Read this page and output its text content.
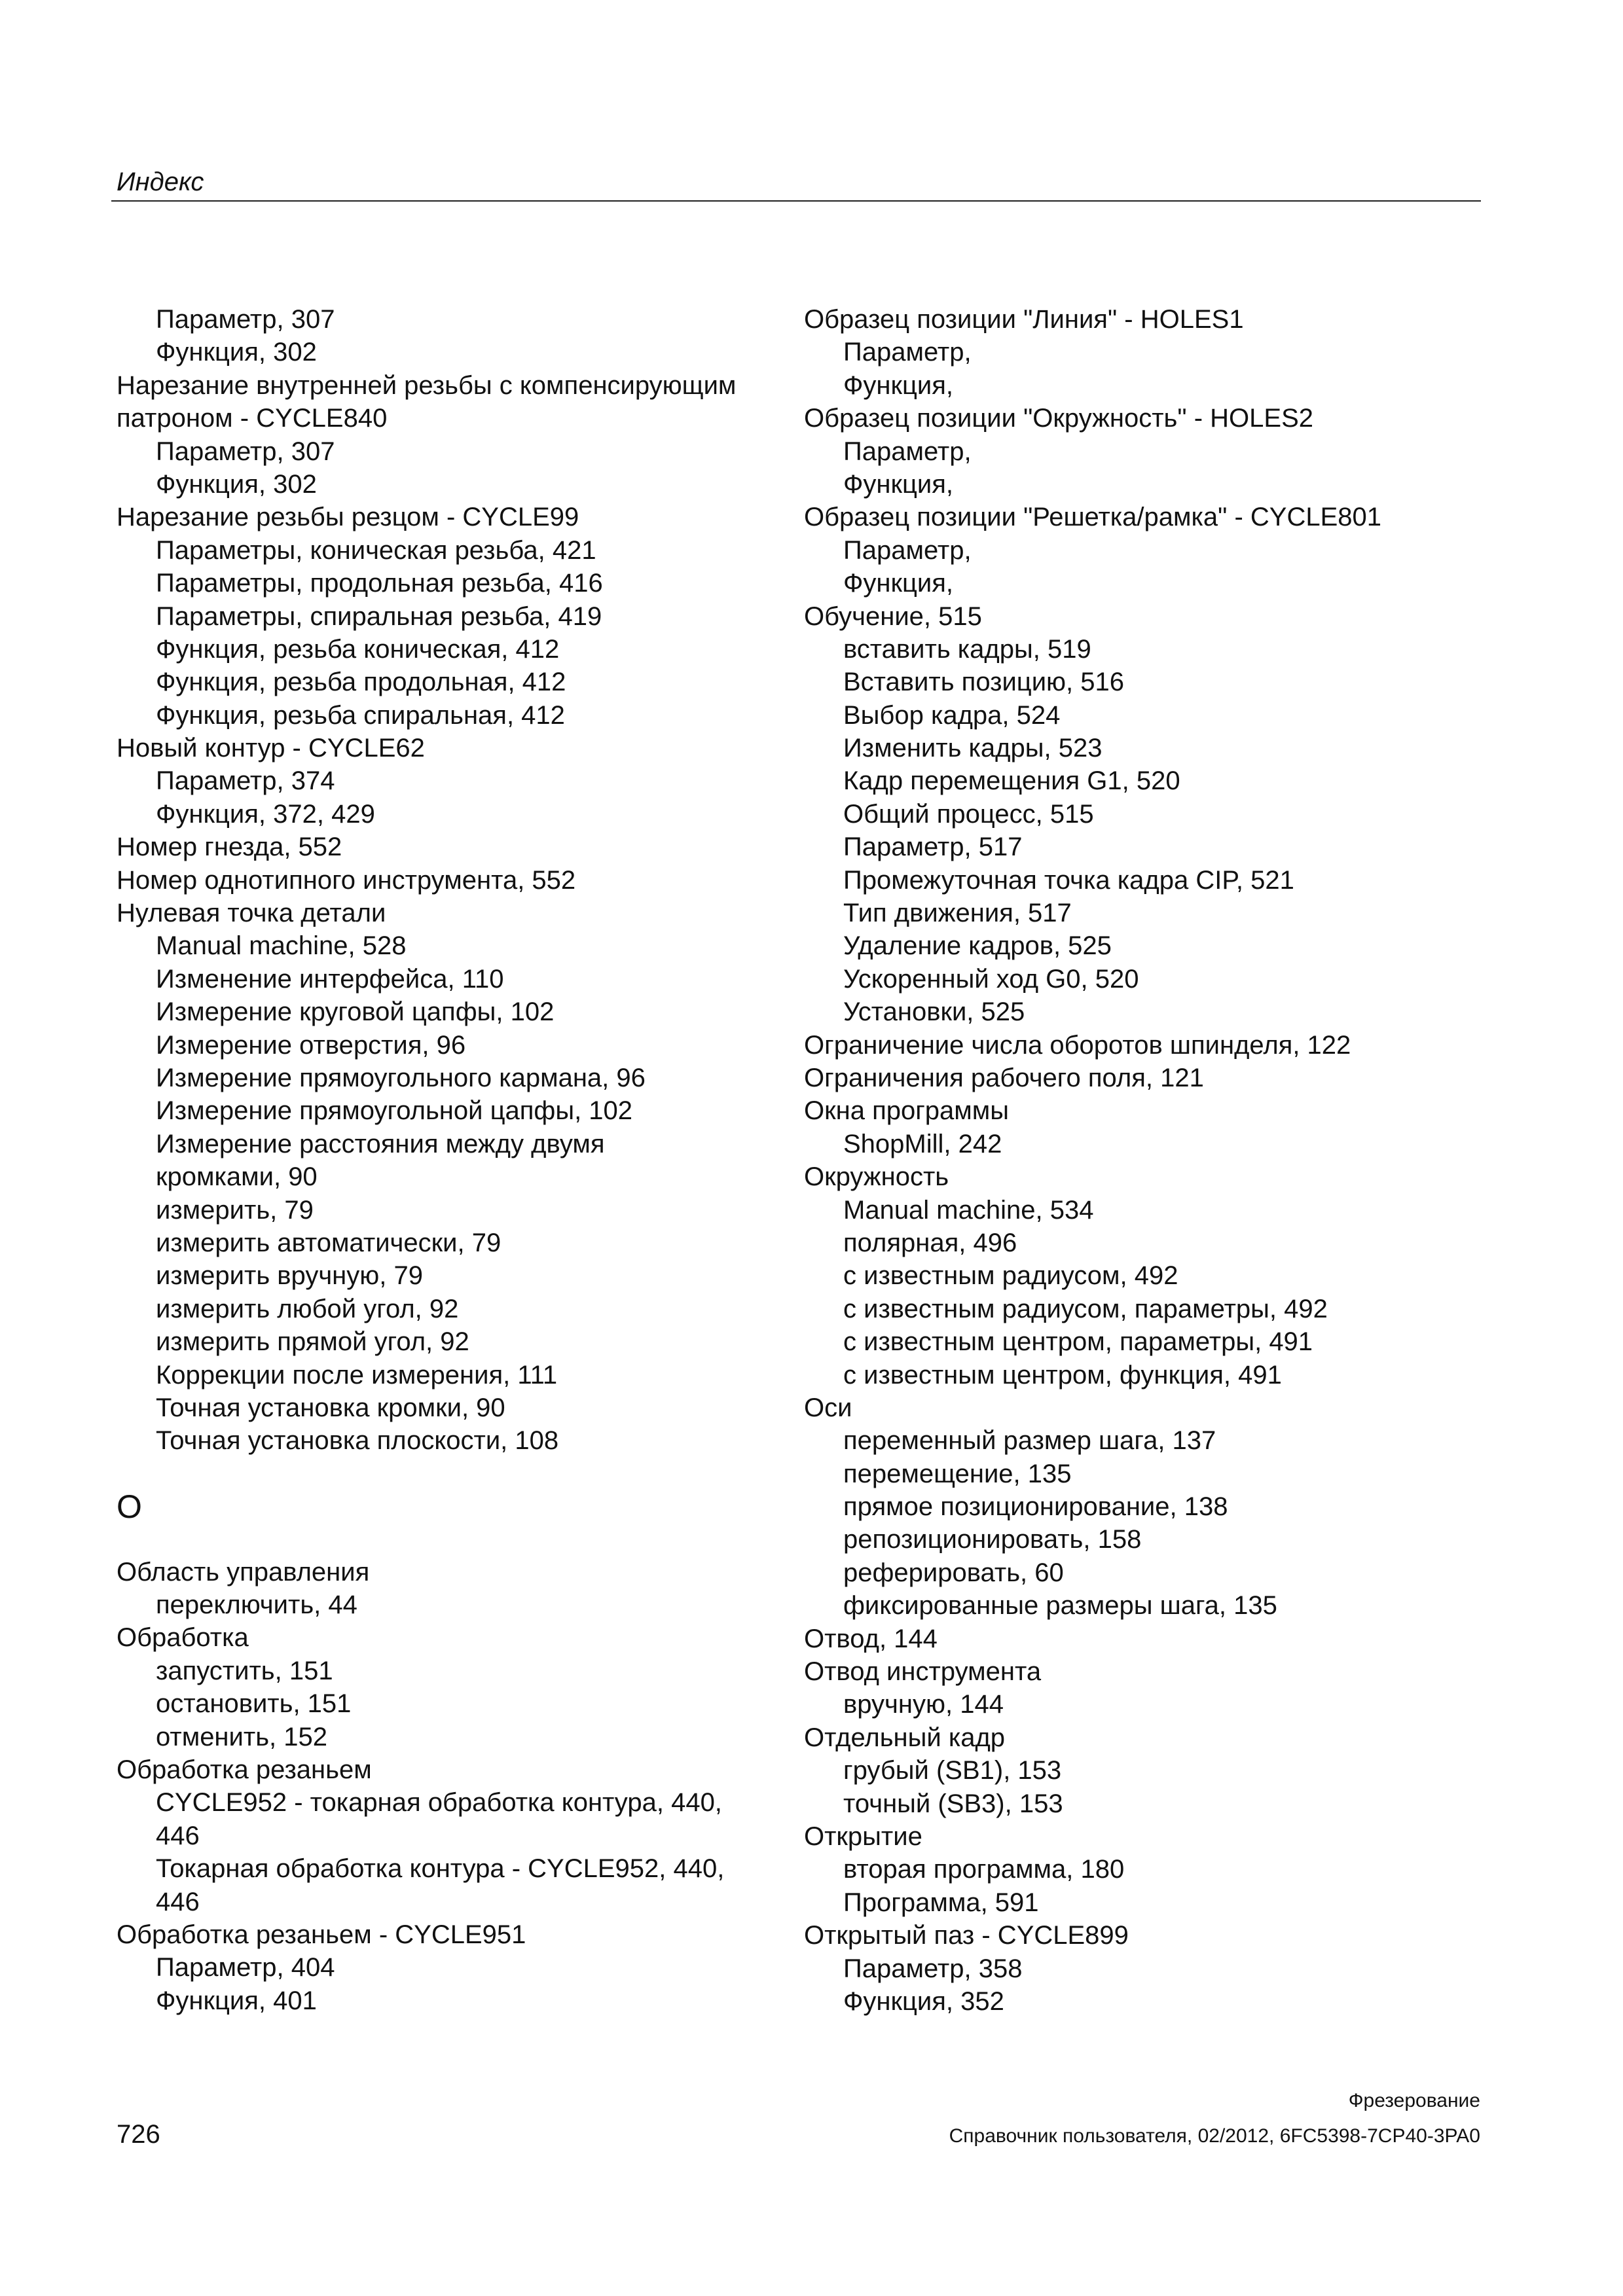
Индекс
Параметр, 307
Функция, 302
Нарезание внутренней резьбы с компенсирующим
патроном - CYCLE840
Параметр, 307
Функция, 302
Нарезание резьбы резцом - CYCLE99
Параметры, коническая резьба, 421
Параметры, продольная резьба, 416
Параметры, спиральная резьба, 419
Функция, резьба коническая, 412
Функция, резьба продольная, 412
Функция, резьба спиральная, 412
Новый контур - CYCLE62
Параметр, 374
Функция, 372, 429
Номер гнезда, 552
Номер однотипного инструмента, 552
Нулевая точка детали
Manual machine, 528
Изменение интерфейса, 110
Измерение круговой цапфы, 102
Измерение отверстия, 96
Измерение прямоугольного кармана, 96
Измерение прямоугольной цапфы, 102
Измерение расстояния между двумя
кромками, 90
измерить, 79
измерить автоматически, 79
измерить вручную, 79
измерить любой угол, 92
измерить прямой угол, 92
Коррекции после измерения, 111
Точная установка кромки, 90
Точная установка плоскости, 108
O
Область управления
переключить, 44
Обработка
запустить, 151
остановить, 151
отменить, 152
Обработка резаньем
CYCLE952 - токарная обработка контура, 440,
446
Токарная обработка контура - CYCLE952, 440,
446
Обработка резаньем - CYCLE951
Параметр, 404
Функция, 401
Образец позиции "Линия" - HOLES1
Параметр,
Функция,
Образец позиции "Окружность" - HOLES2
Параметр,
Функция,
Образец позиции "Решетка/рамка" - CYCLE801
Параметр,
Функция,
Обучение, 515
вставить кадры, 519
Вставить позицию, 516
Выбор кадра, 524
Изменить кадры, 523
Кадр перемещения G1, 520
Общий процесс, 515
Параметр, 517
Промежуточная точка кадра CIP, 521
Тип движения, 517
Удаление кадров, 525
Ускоренный ход G0, 520
Установки, 525
Ограничение числа оборотов шпинделя, 122
Ограничения рабочего поля, 121
Окна программы
ShopMill, 242
Окружность
Manual machine, 534
полярная, 496
с известным радиусом, 492
с известным радиусом, параметры, 492
с известным центром, параметры, 491
с известным центром, функция, 491
Оси
переменный размер шага, 137
перемещение, 135
прямое позиционирование, 138
репозиционировать, 158
реферировать, 60
фиксированные размеры шага, 135
Отвод, 144
Отвод инструмента
вручную, 144
Отдельный кадр
грубый (SB1), 153
точный (SB3), 153
Открытие
вторая программа, 180
Программа, 591
Открытый паз - CYCLE899
Параметр, 358
Функция, 352
726
Фрезерование
Справочник пользователя, 02/2012, 6FC5398-7CP40-3PA0
